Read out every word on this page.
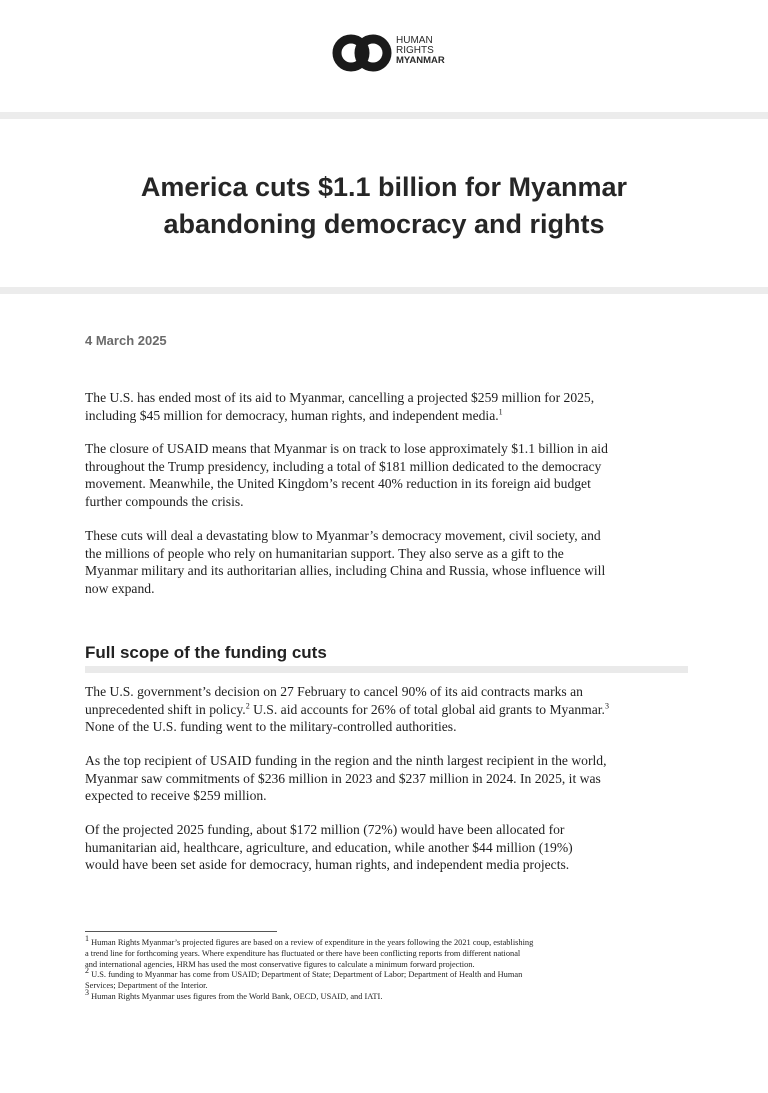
HUMAN
RIGHTS
MYANMAR
America cuts $1.1 billion for Myanmar
abandoning democracy and rights

4 March 2025

The U.S. has ended most of its aid to Myanmar, cancelling a projected $259 million for 2025,
including $45 million for democracy, human rights, and independent media.$^1$

The closure of USAID means that Myanmar is on track to lose approximately $1.1 billion in aid
throughout the Trump presidency, including a total of $181 million dedicated to the democracy
movement. Meanwhile, the United Kingdom’s recent 40% reduction in its foreign aid budget
further compounds the crisis.

These cuts will deal a devastating blow to Myanmar’s democracy movement, civil society, and
the millions of people who rely on humanitarian support. They also serve as a gift to the
Myanmar military and its authoritarian allies, including China and Russia, whose influence will
now expand.

Full scope of the funding cuts

The U.S. government’s decision on 27 February to cancel 90% of its aid contracts marks an
unprecedented shift in policy.$^2$ U.S. aid accounts for 26% of total global aid grants to Myanmar.$^3$
None of the U.S. funding went to the military-controlled authorities.

As the top recipient of USAID funding in the region and the ninth largest recipient in the world,
Myanmar saw commitments of $236 million in 2023 and $237 million in 2024. In 2025, it was
expected to receive $259 million.

Of the projected 2025 funding, about $172 million (72%) would have been allocated for
humanitarian aid, healthcare, agriculture, and education, while another $44 million (19%)
would have been set aside for democracy, human rights, and independent media projects.

$^1$ Human Rights Myanmar’s projected figures are based on a review of expenditure in the years following the 2021 coup, establishing
a trend line for forthcoming years. Where expenditure has fluctuated or there have been conflicting reports from different national
and international agencies, HRM has used the most conservative figures to calculate a minimum forward projection.
$^2$ U.S. funding to Myanmar has come from USAID; Department of State; Department of Labor; Department of Health and Human
Services; Department of the Interior.
$^3$ Human Rights Myanmar uses figures from the World Bank, OECD, USAID, and IATI.
